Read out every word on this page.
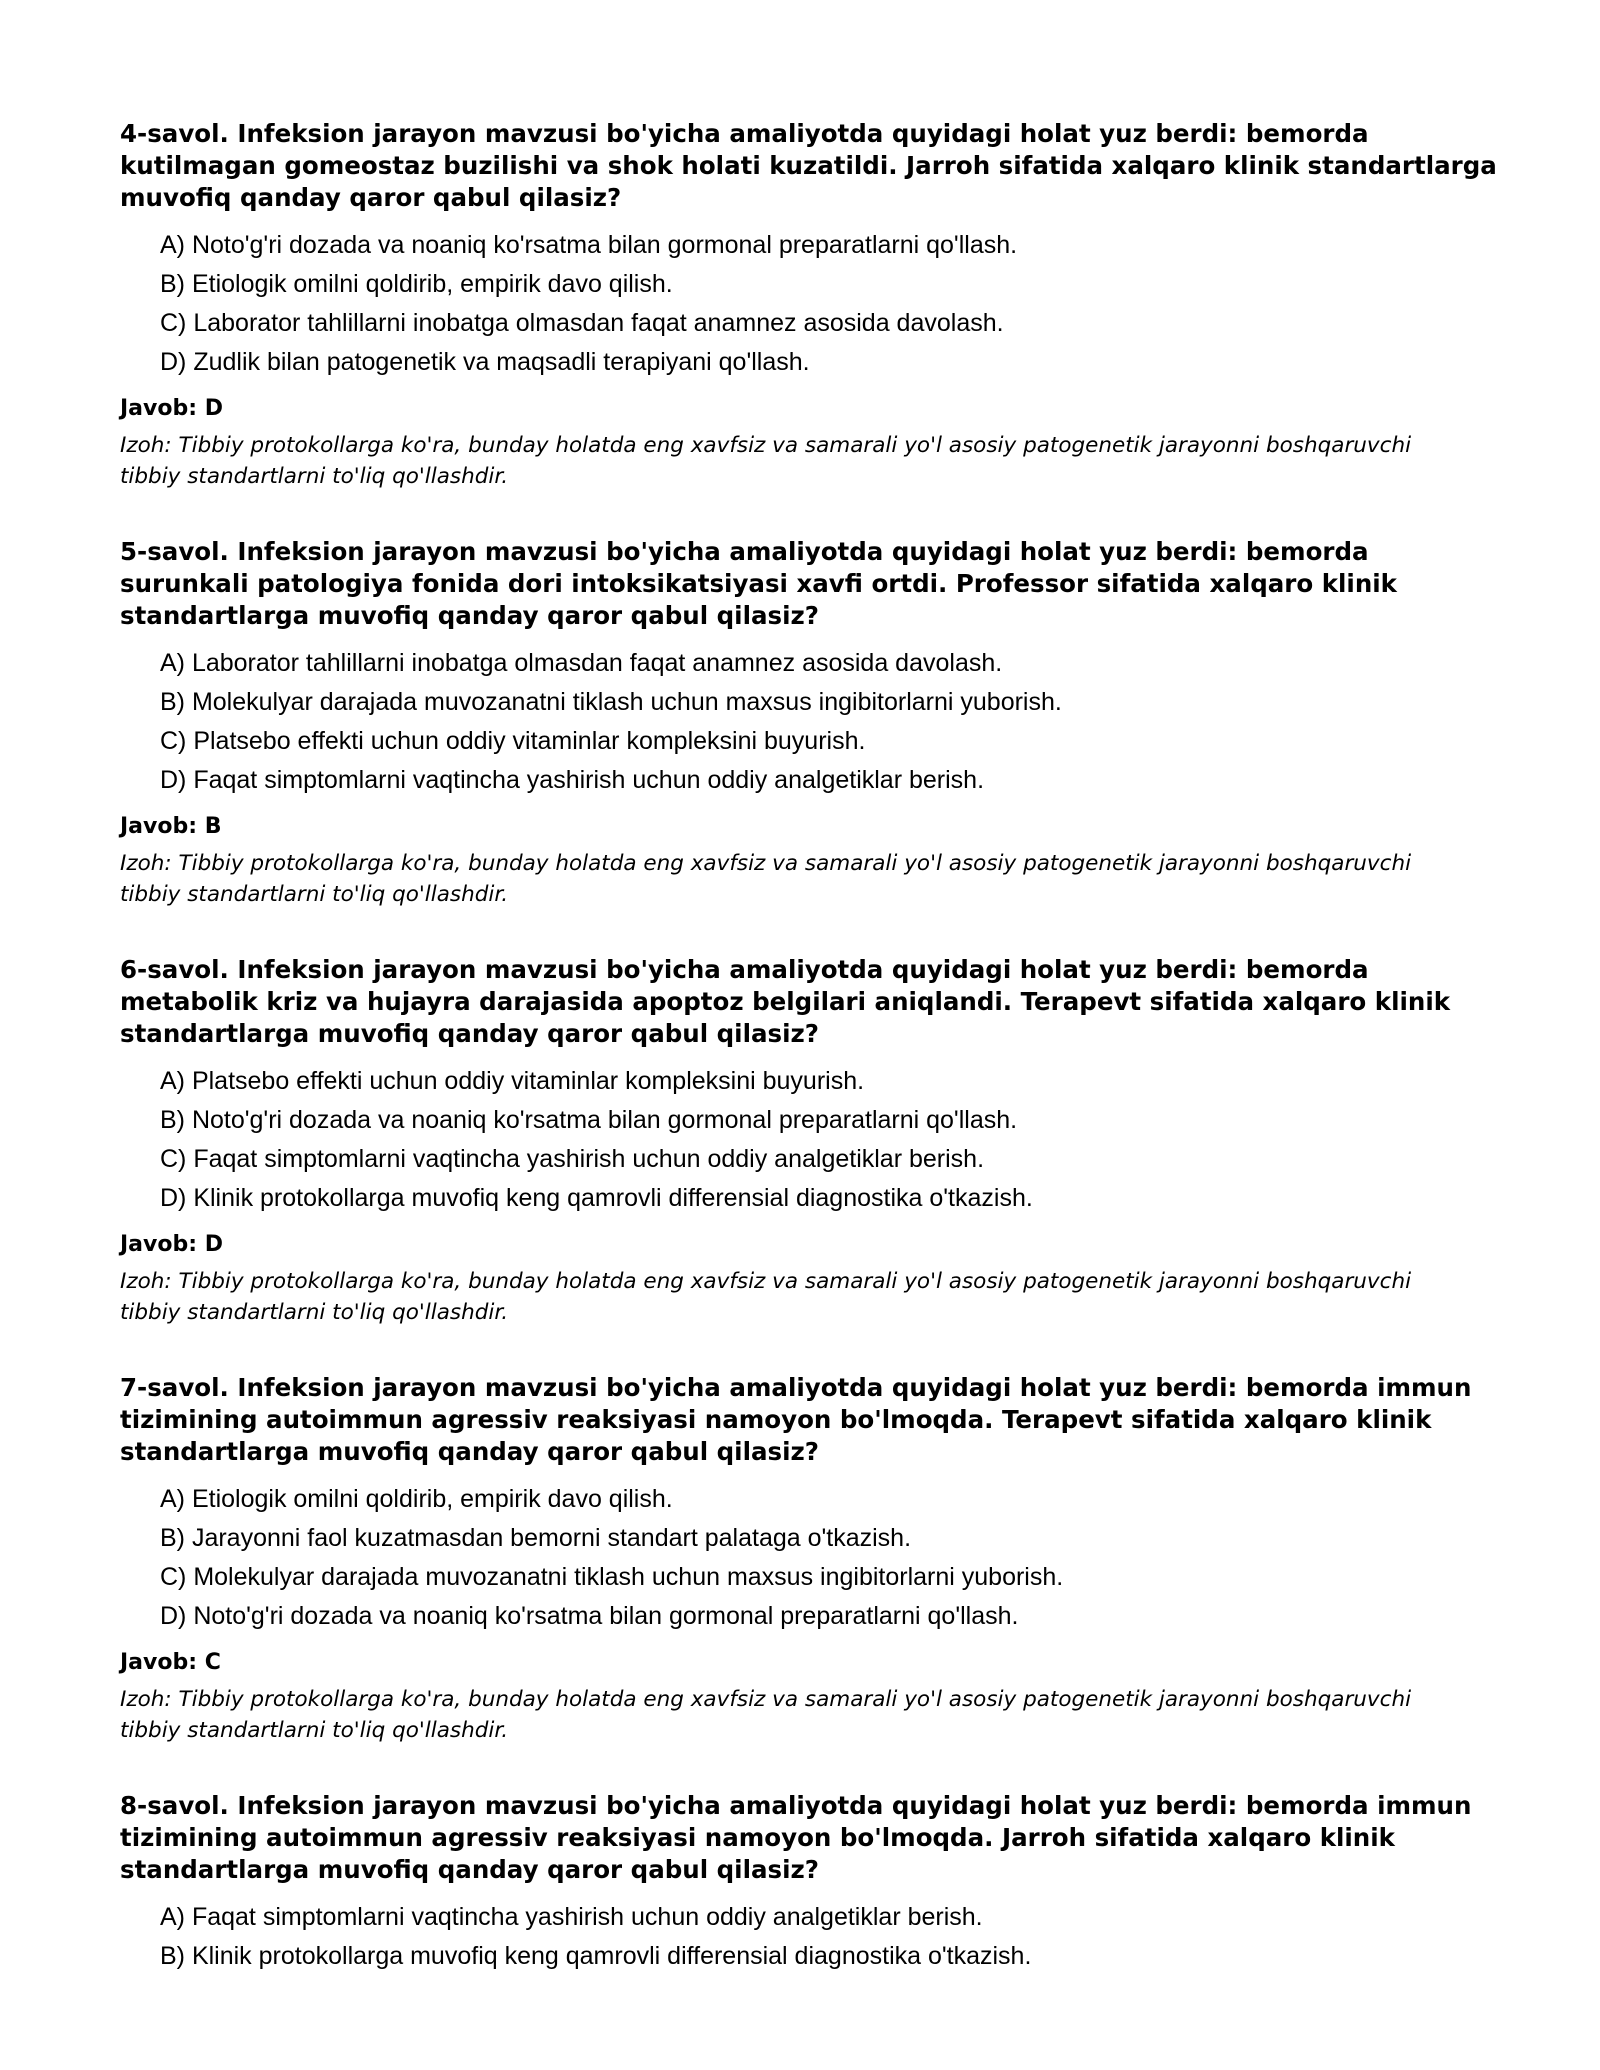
4-savol. Infeksion jarayon mavzusi bo'yicha amaliyotda quyidagi holat yuz berdi: bemorda kutilmagan gomeostaz buzilishi va shok holati kuzatildi. Jarroh sifatida xalqaro klinik standartlarga muvofiq qanday qaror qabul qilasiz?

A) Noto'g'ri dozada va noaniq ko'rsatma bilan gormonal preparatlarni qo'llash.
B) Etiologik omilni qoldirib, empirik davo qilish.
C) Laborator tahlillarni inobatga olmasdan faqat anamnez asosida davolash.
D) Zudlik bilan patogenetik va maqsadli terapiyani qo'llash.

Javob: D

Izoh: Tibbiy protokollarga ko'ra, bunday holatda eng xavfsiz va samarali yo'l asosiy patogenetik jarayonni boshqaruvchi tibbiy standartlarni to'liq qo'llashdir.

5-savol. Infeksion jarayon mavzusi bo'yicha amaliyotda quyidagi holat yuz berdi: bemorda surunkali patologiya fonida dori intoksikatsiyasi xavfi ortdi. Professor sifatida xalqaro klinik standartlarga muvofiq qanday qaror qabul qilasiz?

A) Laborator tahlillarni inobatga olmasdan faqat anamnez asosida davolash.
B) Molekulyar darajada muvozanatni tiklash uchun maxsus ingibitorlarni yuborish.
C) Platsebo effekti uchun oddiy vitaminlar kompleksini buyurish.
D) Faqat simptomlarni vaqtincha yashirish uchun oddiy analgetiklar berish.

Javob: B

Izoh: Tibbiy protokollarga ko'ra, bunday holatda eng xavfsiz va samarali yo'l asosiy patogenetik jarayonni boshqaruvchi tibbiy standartlarni to'liq qo'llashdir.

6-savol. Infeksion jarayon mavzusi bo'yicha amaliyotda quyidagi holat yuz berdi: bemorda metabolik kriz va hujayra darajasida apoptoz belgilari aniqlandi. Terapevt sifatida xalqaro klinik standartlarga muvofiq qanday qaror qabul qilasiz?

A) Platsebo effekti uchun oddiy vitaminlar kompleksini buyurish.
B) Noto'g'ri dozada va noaniq ko'rsatma bilan gormonal preparatlarni qo'llash.
C) Faqat simptomlarni vaqtincha yashirish uchun oddiy analgetiklar berish.
D) Klinik protokollarga muvofiq keng qamrovli differensial diagnostika o'tkazish.

Javob: D

Izoh: Tibbiy protokollarga ko'ra, bunday holatda eng xavfsiz va samarali yo'l asosiy patogenetik jarayonni boshqaruvchi tibbiy standartlarni to'liq qo'llashdir.

7-savol. Infeksion jarayon mavzusi bo'yicha amaliyotda quyidagi holat yuz berdi: bemorda immun tizimining autoimmun agressiv reaksiyasi namoyon bo'lmoqda. Terapevt sifatida xalqaro klinik standartlarga muvofiq qanday qaror qabul qilasiz?

A) Etiologik omilni qoldirib, empirik davo qilish.
B) Jarayonni faol kuzatmasdan bemorni standart palataga o'tkazish.
C) Molekulyar darajada muvozanatni tiklash uchun maxsus ingibitorlarni yuborish.
D) Noto'g'ri dozada va noaniq ko'rsatma bilan gormonal preparatlarni qo'llash.

Javob: C

Izoh: Tibbiy protokollarga ko'ra, bunday holatda eng xavfsiz va samarali yo'l asosiy patogenetik jarayonni boshqaruvchi tibbiy standartlarni to'liq qo'llashdir.

8-savol. Infeksion jarayon mavzusi bo'yicha amaliyotda quyidagi holat yuz berdi: bemorda immun tizimining autoimmun agressiv reaksiyasi namoyon bo'lmoqda. Jarroh sifatida xalqaro klinik standartlarga muvofiq qanday qaror qabul qilasiz?

A) Faqat simptomlarni vaqtincha yashirish uchun oddiy analgetiklar berish.
B) Klinik protokollarga muvofiq keng qamrovli differensial diagnostika o'tkazish.
